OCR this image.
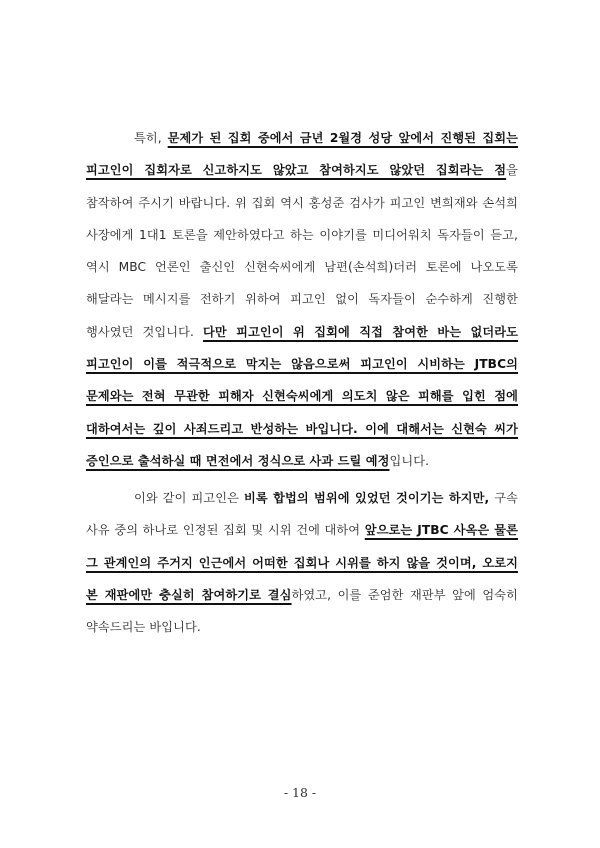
특히, 문제가 된 집회 중에서 금년 2월경 성당 앞에서 진행된 집회는 피고인이 집회자로 신고하지도 않았고 참여하지도 않았던 집회라는 점을 참작하여 주시기 바랍니다. 위 집회 역시 홍성준 검사가 피고인 변희재와 손석희 사장에게 1대1 토론을 제안하였다고 하는 이야기를 미디어워치 독자들이 듣고, 역시 MBC 언론인 출신인 신현숙씨에게 남편(손석희)더러 토론에 나오도록 해달라는 메시지를 전하기 위하여 피고인 없이 독자들이 순수하게 진행한 행사였던 것입니다. 다만 피고인이 위 집회에 직접 참여한 바는 없더라도 피고인이 이를 적극적으로 막지는 않음으로써 피고인이 시비하는 JTBC의 문제와는 전혀 무관한 피해자 신현숙씨에게 의도치 않은 피해를 입힌 점에 대하여서는 깊이 사죄드리고 반성하는 바입니다. 이에 대해서는 신현숙 씨가 증인으로 출석하실 때 면전에서 정식으로 사과 드릴 예정입니다.
이와 같이 피고인은 비록 합법의 범위에 있었던 것이기는 하지만, 구속 사유 중의 하나로 인정된 집회 및 시위 건에 대하여 앞으로는 JTBC 사옥은 물론 그 관계인의 주거지 인근에서 어떠한 집회나 시위를 하지 않을 것이며, 오로지 본 재판에만 충실히 참여하기로 결심하였고, 이를 준엄한 재판부 앞에 엄숙히 약속드리는 바입니다.
- 18 -
